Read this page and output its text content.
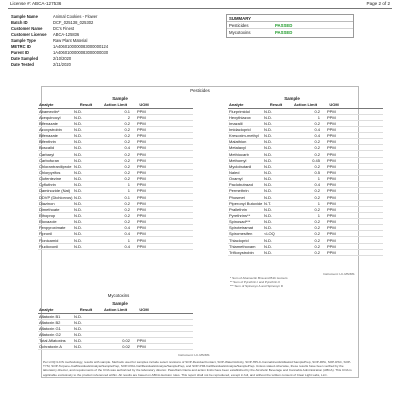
License #: ABCA-127536	Page 2 of 2
Sample Name	Animal Cookies - Flower
Batch ID	DCF_025138_025302
Customer Name	DC's Finest
Customer License	ABCA-125836
Sample Type	Raw Plant Material
METRC ID	1A4060100000083000000124
Parent ID	1A4060100000083000000030
Date Sampled	2/10/2020
Date Tested	2/11/2020
SUMMARY
Pesticides	PASSED
Mycotoxins	PASSED
Pesticides
Sample	Sample
Analyte	Result	Action Limit	UOM
Abamectin*	N.D.	0.1	PPM
Acequinocyl	N.D.	2	PPM
Bifenazate	N.D.	0.2	PPM
Azoxystrobin	N.D.	0.2	PPM
Bifenazate	N.D.	0.2	PPM
Bifenthrin	N.D.	0.2	PPM
Boscalid	N.D.	0.4	PPM
Carbaryl	N.D.	0.2	PPM
Carbofuran	N.D.	0.2	PPM
Chlorantraniliprole N.D.	0.2	PPM
Chlorpyrifos	N.D.	0.2	PPM
Clofentezine	N.D.	0.2	PPM
Cyfluthrin	N.D.	1	PPM
Daminozide (Nat) N.D.	1	PPM
DDVP (Dichlorvos) N.D.	0.1	PPM
Diazinon	N.D.	0.2	PPM
Dimethoate	N.D.	0.2	PPM
Ethoprop	N.D.	0.2	PPM
Etoxazole	N.D.	0.2	PPM
Fenpyroximate	N.D.	0.4	PPM
Fipronil	N.D.	0.4	PPM
Flonicamid	N.D.	1	PPM
Fludioxonil	N.D.	0.4	PPM
Analyte	Result	Action Limit	UOM
Flurprimidol	N.D.	0.2	PPM
Hexythiazox	N.D.	1	PPM
Imazalil	N.D.	0.2	PPM
Imidacloprid	N.D.	0.4	PPM
Kresoxim-methyl	N.D.	0.4	PPM
Malathion	N.D.	0.2	PPM
Metalaxyl	N.D.	0.2	PPM
Methiocarb	N.D.	0.2	PPM
Methomyl	N.D.	0.45	PPM
Myclobutanil	N.D.	0.2	PPM
Naled	N.D.	0.5	PPM
Oxamyl	N.D.	1	PPM
Paclobutrazol	N.D.	0.4	PPM
Permethrin	N.D.	0.2	PPM
Phosmet	N.D.	0.2	PPM
Piperonyl Butoxide N.T.	1	PPM
Prallethrin	N.D.	0.2	PPM
Pyrethrins**	N.D.	1	PPM
Spinosad***	N.D.	0.2	PPM
Spirotetramat	N.D.	0.2	PPM
Spiromesifen	<LOQ	0.2	PPM
Thiacloprid	N.D.	0.2	PPM
Thiamethoxam	N.D.	0.2	PPM
Trifloxystrobin	N.D.	0.2	PPM
Instrument: LC-MS/MS
* Sum of Abamectin B1a and B1b isomers
** Sum of Pyrethrin I and Pyrethrin II
*** Sum of Spinosyn A and Spinosyn D
Mycotoxins
Sample
Analyte	Result	Action Limit	UOM
Aflatoxin B1	N.D.
Aflatoxin B2	N.D.
Aflatoxin G1	N.D.
Aflatoxin G2	N.D.
Total Aflatoxins	N.D.	0.02	PPM
Ochratoxin A	N.D.	0.02	PPM
Instrument: LC-MS/MS
Per LOQ=LC/S methodology, results with sample. Methods used for samples include select revisions of SOP-Residue/Contact, SOP-Water/Activity, SOP-HPLC-Cannabinoids/Alkaloid SamplePrep, SOP-RPA, SOP-RSC, SOP-TYM, SOP-Terpene-Cal/Residuals/Analyte/SamplePrep, SOP-ROA-Cal/Residuals/Analyte/SamplePrep, and SOP-PIM-Cal/Residuals/Analyte/SamplePrep. Unless stated otherwise, these results have been verified by the laboratory director, and requirements of the COA was authorized by the laboratory director. Pass/Fail criteria and action limits have been established by the Alcoholic Beverage and Cannabis Administration (ABCA). This COA is applicable exclusively to the product referenced within. All results are based on ABCA decision rules. This report shall not be reproduced, except in full, and without the written consent of Clear Light Labs, LLC.
